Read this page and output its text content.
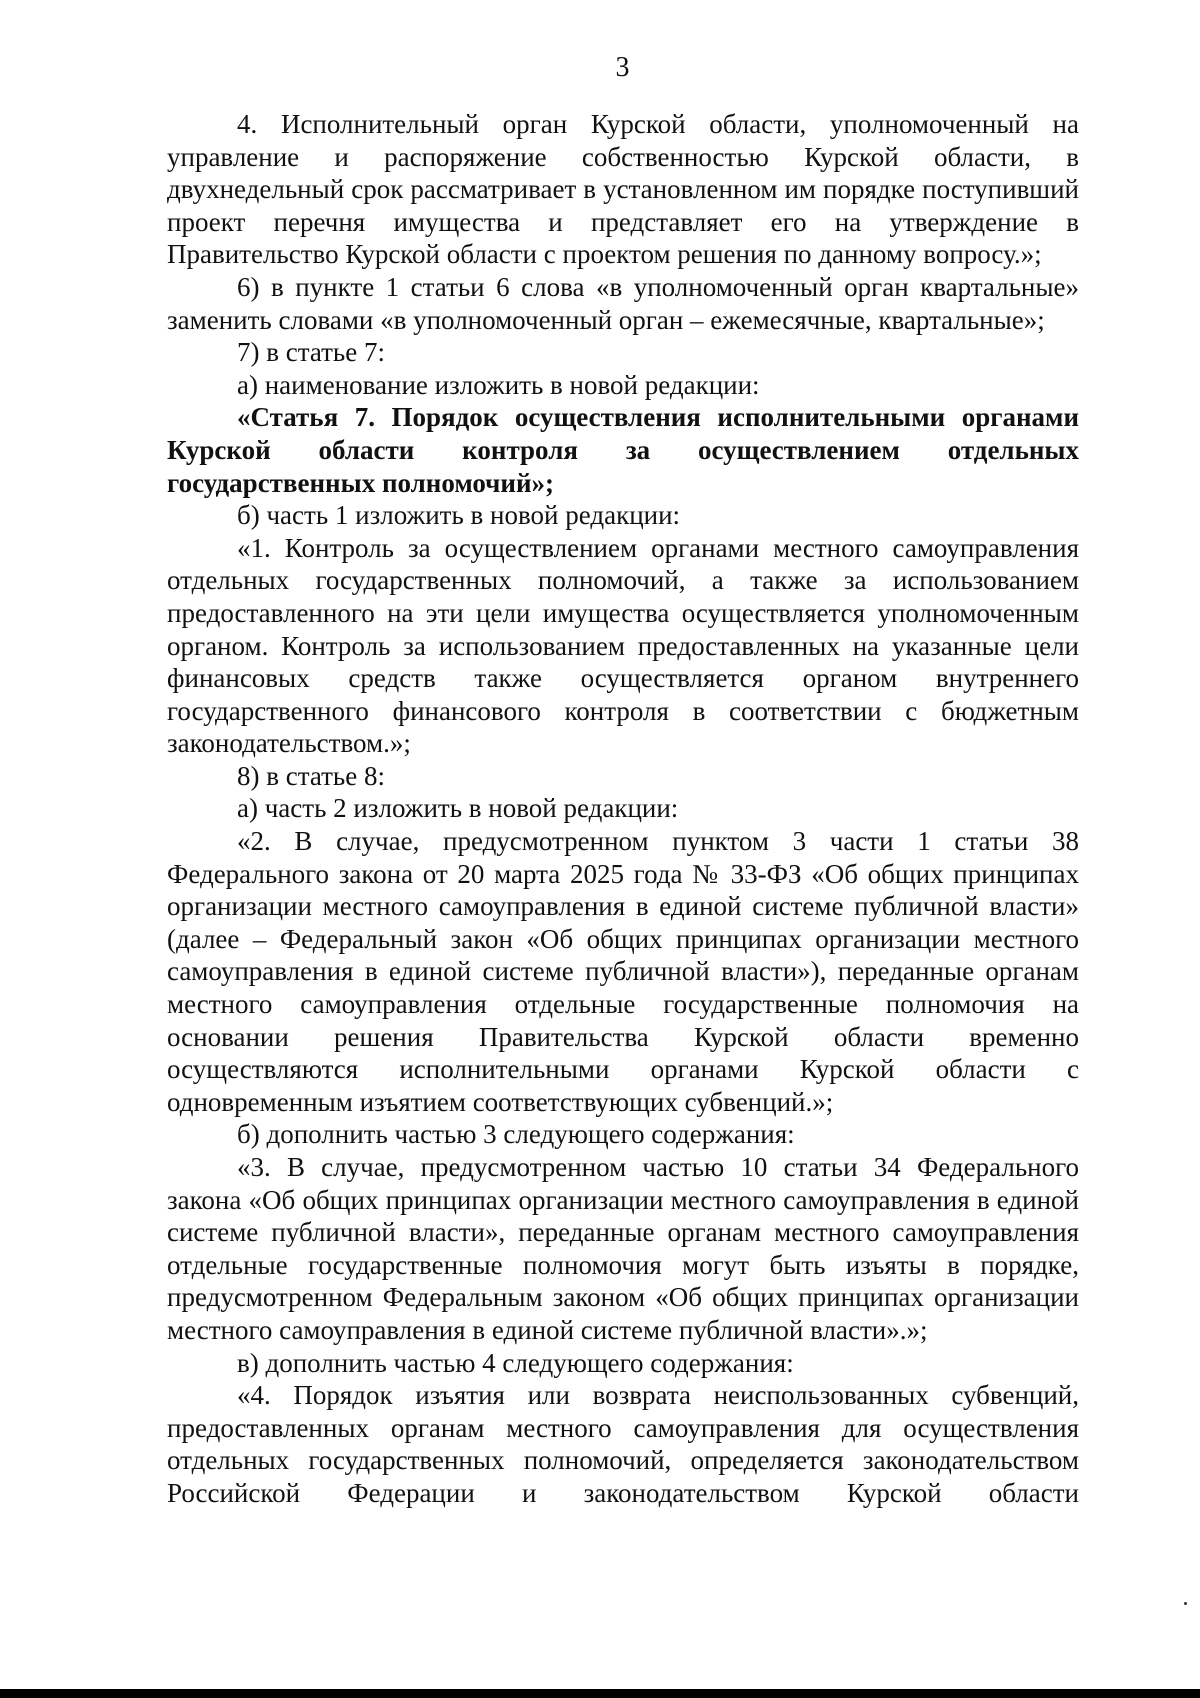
3

4. Исполнительный орган Курской области, уполномоченный на управление и распоряжение собственностью Курской области, в двухнедельный срок рассматривает в установленном им порядке поступивший проект перечня имущества и представляет его на утверждение в Правительство Курской области с проектом решения по данному вопросу.»;

6) в пункте 1 статьи 6 слова «в уполномоченный орган квартальные» заменить словами «в уполномоченный орган – ежемесячные, квартальные»;

7) в статье 7:

а) наименование изложить в новой редакции:

«Статья 7. Порядок осуществления исполнительными органами Курской области контроля за осуществлением отдельных государственных полномочий»;

б) часть 1 изложить в новой редакции:

«1. Контроль за осуществлением органами местного самоуправления отдельных государственных полномочий, а также за использованием предоставленного на эти цели имущества осуществляется уполномоченным органом. Контроль за использованием предоставленных на указанные цели финансовых средств также осуществляется органом внутреннего государственного финансового контроля в соответствии с бюджетным законодательством.»;

8) в статье 8:

а) часть 2 изложить в новой редакции:

«2. В случае, предусмотренном пунктом 3 части 1 статьи 38 Федерального закона от 20 марта 2025 года № 33-ФЗ «Об общих принципах организации местного самоуправления в единой системе публичной власти» (далее – Федеральный закон «Об общих принципах организации местного самоуправления в единой системе публичной власти»), переданные органам местного самоуправления отдельные государственные полномочия на основании решения Правительства Курской области временно осуществляются исполнительными органами Курской области с одновременным изъятием соответствующих субвенций.»;

б) дополнить частью 3 следующего содержания:

«3. В случае, предусмотренном частью 10 статьи 34 Федерального закона «Об общих принципах организации местного самоуправления в единой системе публичной власти», переданные органам местного самоуправления отдельные государственные полномочия могут быть изъяты в порядке, предусмотренном Федеральным законом «Об общих принципах организации местного самоуправления в единой системе публичной власти».»;

в) дополнить частью 4 следующего содержания:

«4. Порядок изъятия или возврата неиспользованных субвенций, предоставленных органам местного самоуправления для осуществления отдельных государственных полномочий, определяется законодательством Российской Федерации и законодательством Курской области
